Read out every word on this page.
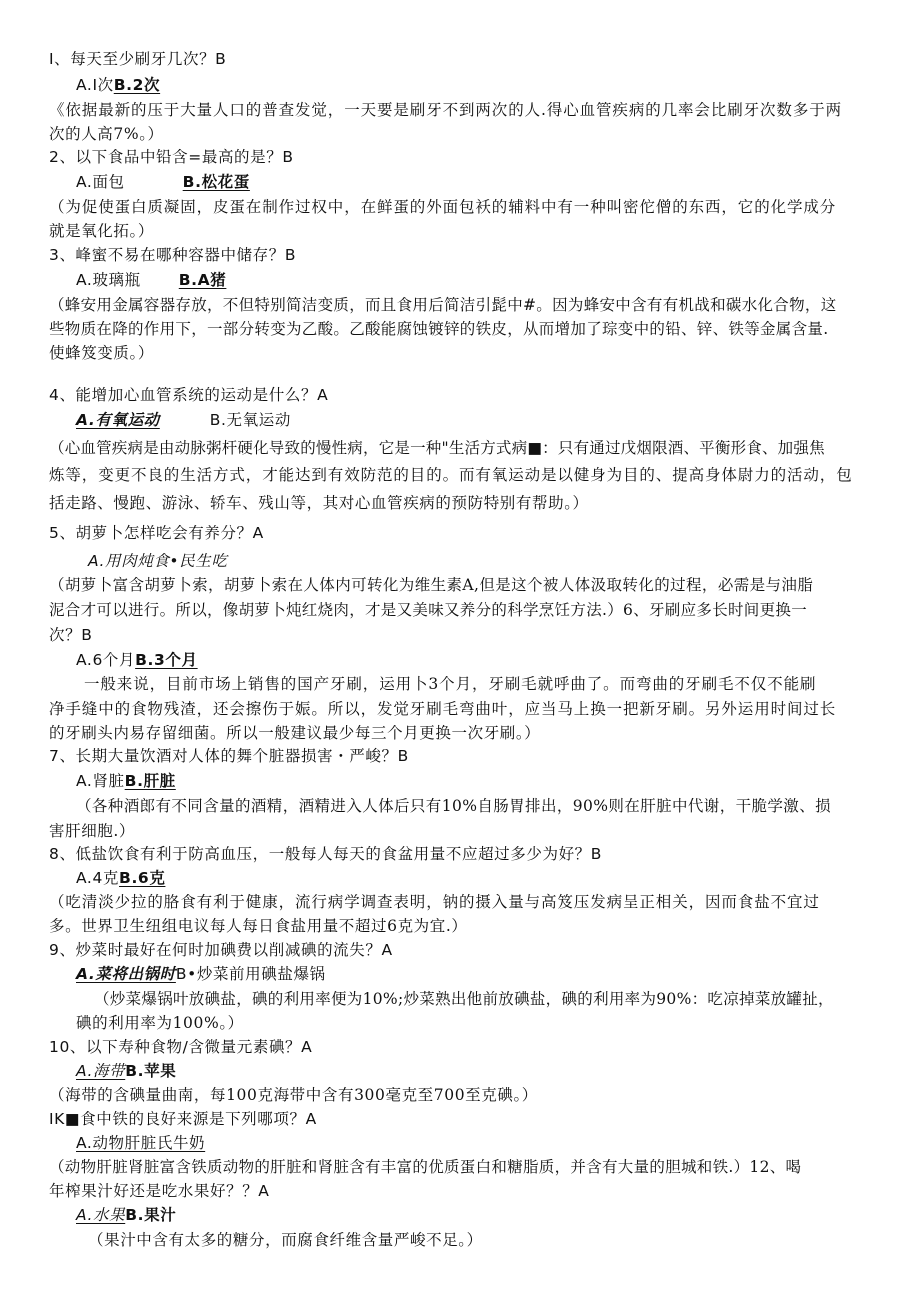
I、每天至少刷牙几次？B
A.I次B.2次
《依据最新的压于大量人口的普查发觉，一天要是刷牙不到两次的人.得心血管疾病的几率会比刷牙次数多于两
次的人高7%。）
2、以下食品中铅含=最高的是？B
A.面包	B.松花蛋
（为促使蛋白质凝固，皮蛋在制作过权中，在鲜蛋的外面包袄的辅料中有一种叫密佗僧的东西，它的化学成分
就是氧化拓。）
3、峰蜜不易在哪种容器中储存？B
A.玻璃瓶 B.A猪
（蜂安用金属容器存放，不但特别简洁变质，而且食用后简洁引髭中#。因为蜂安中含有有机战和碳水化合物，这
些物质在降的作用下，一部分转变为乙酸。乙酸能腐蚀镀锌的铁皮，从而增加了琮变中的铅、锌、铁等金属含量.
使蜂笈变质。）
4、能增加心血管系统的运动是什么？A
A.有氧运动	B.无氧运动
（心血管疾病是由动脉粥杆硬化导致的慢性病，它是一种"生活方式病■：只有通过戊烟限酒、平衡形食、加强焦
炼等，变更不良的生活方式，才能达到有效防范的目的。而有氧运动是以健身为目的、提高身体尉力的活动，包
括走路、慢跑、游泳、轿车、残山等，其对心血管疾病的预防特别有帮助。）
5、胡萝卜怎样吃会有养分？A
A.用肉炖食•民生吃
（胡萝卜富含胡萝卜索，胡萝卜索在人体内可转化为维生素A,但是这个被人体汲取转化的过程，必需是与油脂
泥合才可以进行。所以，像胡萝卜炖红烧肉，才是又美味又养分的科学烹饪方法.）6、牙刷应多长时间更换一
次？B
A.6个月B.3个月
一般来说，目前市场上销售的国产牙刷，运用卜3个月，牙刷毛就呼曲了。而弯曲的牙刷毛不仅不能刷
净手缝中的食物残渣，还会擦伤于娠。所以，发觉牙刷毛弯曲叶，应当马上换一把新牙刷。另外运用时间过长
的牙刷头内易存留细菌。所以一般建议最少每三个月更换一次牙刷。）
7、长期大量饮酒对人体的舞个脏器损害・严峻？B
A.肾脏B.肝脏
（各种酒郎有不同含量的酒精，酒精进入人体后只有10%自肠胃排出，90%则在肝脏中代谢，干脆学激、损
害肝细胞.）
8、低盐饮食有利于防高血压，一般每人每天的食盆用量不应超过多少为好？B
A.4克B.6克
（吃清淡少拉的胳食有利于健康，流行病学调查表明，钠的摄入量与高笈压发病呈正相关，因而食盐不宜过
多。世界卫生纽组电议每人每日食盐用量不超过6克为宜.）
9、炒菜时最好在何时加碘费以削减碘的流失？A
A.菜将出锅时B•炒菜前用碘盐爆锅
（炒菜爆锅叶放碘盐，碘的利用率便为10%;炒菜熟出他前放碘盐，碘的利用率为90%：吃凉掉菜放罐扯，
碘的利用率为100%。）
10、以下寿种食物/含微量元素碘？A
A.海带B.苹果
（海带的含碘量曲南，每100克海带中含有300毫克至700至克碘。）
IK■食中铁的良好来源是下列哪项？A
A.动物肝脏氏牛奶
（动物肝脏肾脏富含铁质动物的肝脏和肾脏含有丰富的优质蛋白和糖脂质，并含有大量的胆城和铁.）12、喝
年榨果汁好还是吃水果好？？A
A.水果B.果汁
（果汁中含有太多的糖分，而腐食纤维含量严峻不足。）
